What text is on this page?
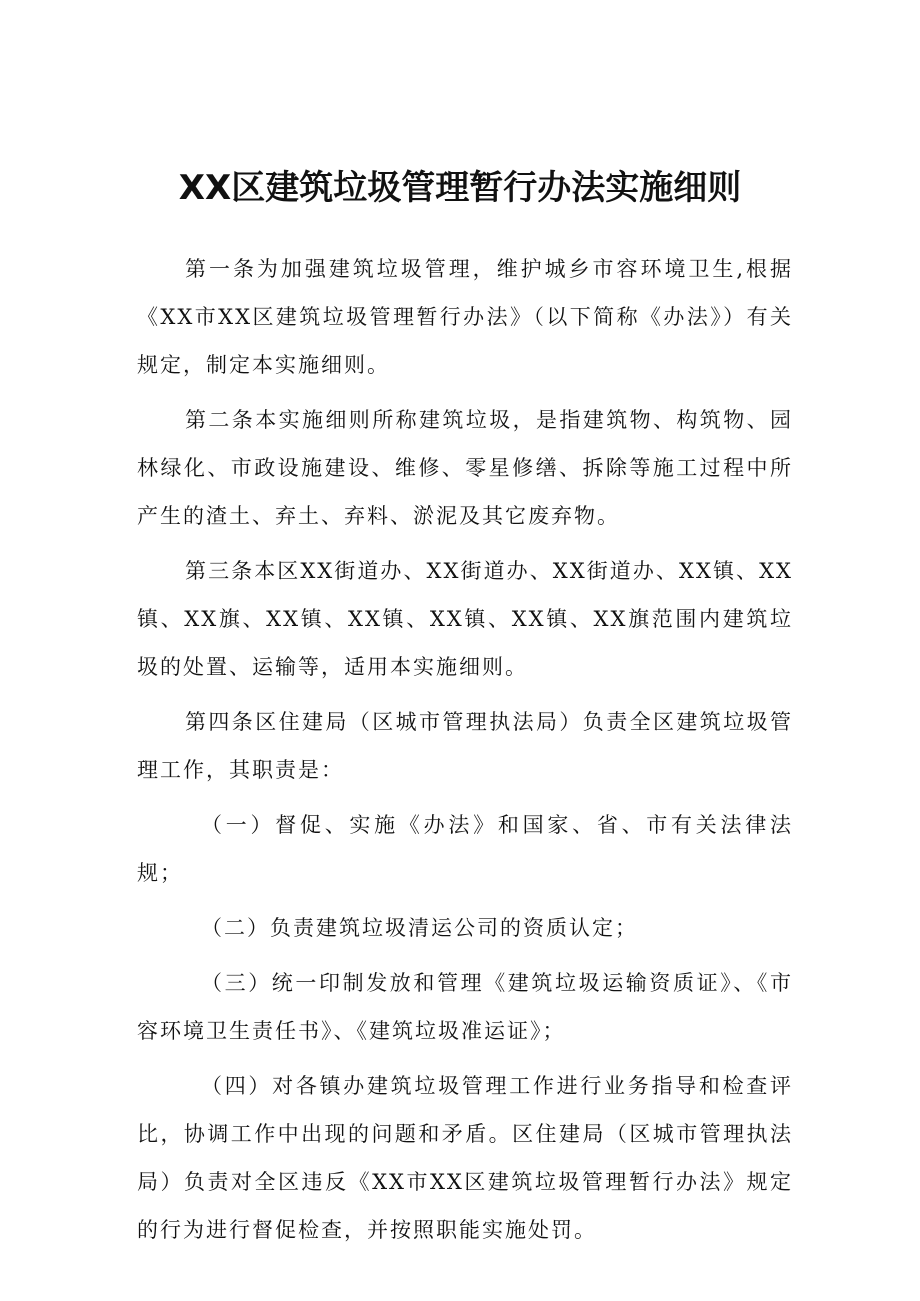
XX区建筑垃圾管理暂行办法实施细则

第一条为加强建筑垃圾管理，维护城乡市容环境卫生,根据《XX市XX区建筑垃圾管理暂行办法》（以下简称《办法》）有关规定，制定本实施细则。

第二条本实施细则所称建筑垃圾，是指建筑物、构筑物、园林绿化、市政设施建设、维修、零星修缮、拆除等施工过程中所产生的渣土、弃土、弃料、淤泥及其它废弃物。

第三条本区XX街道办、XX街道办、XX街道办、XX镇、XX镇、XX旗、XX镇、XX镇、XX镇、XX镇、XX旗范围内建筑垃圾的处置、运输等，适用本实施细则。

第四条区住建局（区城市管理执法局）负责全区建筑垃圾管理工作，其职责是：

（一）督促、实施《办法》和国家、省、市有关法律法规；

（二）负责建筑垃圾清运公司的资质认定；

（三）统一印制发放和管理《建筑垃圾运输资质证》、《市容环境卫生责任书》、《建筑垃圾准运证》；

（四）对各镇办建筑垃圾管理工作进行业务指导和检查评比，协调工作中出现的问题和矛盾。区住建局（区城市管理执法局）负责对全区违反《XX市XX区建筑垃圾管理暂行办法》规定的行为进行督促检查，并按照职能实施处罚。
